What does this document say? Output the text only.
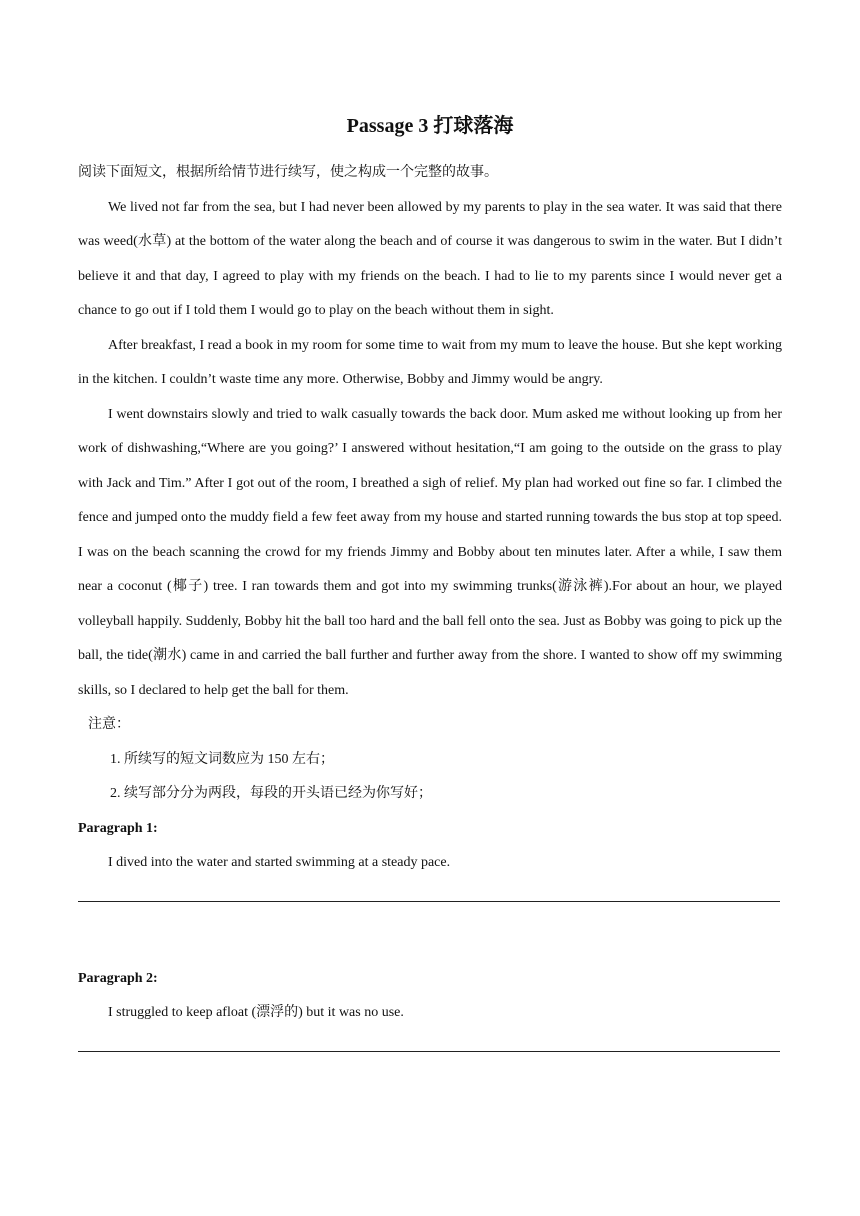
Passage 3 打球落海

阅读下面短文，根据所给情节进行续写，使之构成一个完整的故事。

We lived not far from the sea, but I had never been allowed by my parents to play in the sea water. It was said that there was weed(水草) at the bottom of the water along the beach and of course it was dangerous to swim in the water. But I didn’t believe it and that day, I agreed to play with my friends on the beach. I had to lie to my parents since I would never get a chance to go out if I told them I would go to play on the beach without them in sight.

After breakfast, I read a book in my room for some time to wait from my mum to leave the house. But she kept working in the kitchen. I couldn’t waste time any more. Otherwise, Bobby and Jimmy would be angry.

I went downstairs slowly and tried to walk casually towards the back door. Mum asked me without looking up from her work of dishwashing,“Where are you going?’ I answered without hesitation,“I am going to the outside on the grass to play with Jack and Tim.” After I got out of the room, I breathed a sigh of relief. My plan had worked out fine so far. I climbed the fence and jumped onto the muddy field a few feet away from my house and started running towards the bus stop at top speed. I was on the beach scanning the crowd for my friends Jimmy and Bobby about ten minutes later. After a while, I saw them near a coconut (椰子) tree. I ran towards them and got into my swimming trunks(游泳裤).For about an hour, we played volleyball happily. Suddenly, Bobby hit the ball too hard and the ball fell onto the sea. Just as Bobby was going to pick up the ball, the tide(潮水) came in and carried the ball further and further away from the shore. I wanted to show off my swimming skills, so I declared to help get the ball for them.

注意：

1. 所续写的短文词数应为 150 左右；

2. 续写部分分为两段，每段的开头语已经为你写好；

Paragraph 1:

I dived into the water and started swimming at a steady pace.

Paragraph 2:

I struggled to keep afloat (漂浮的) but it was no use.
